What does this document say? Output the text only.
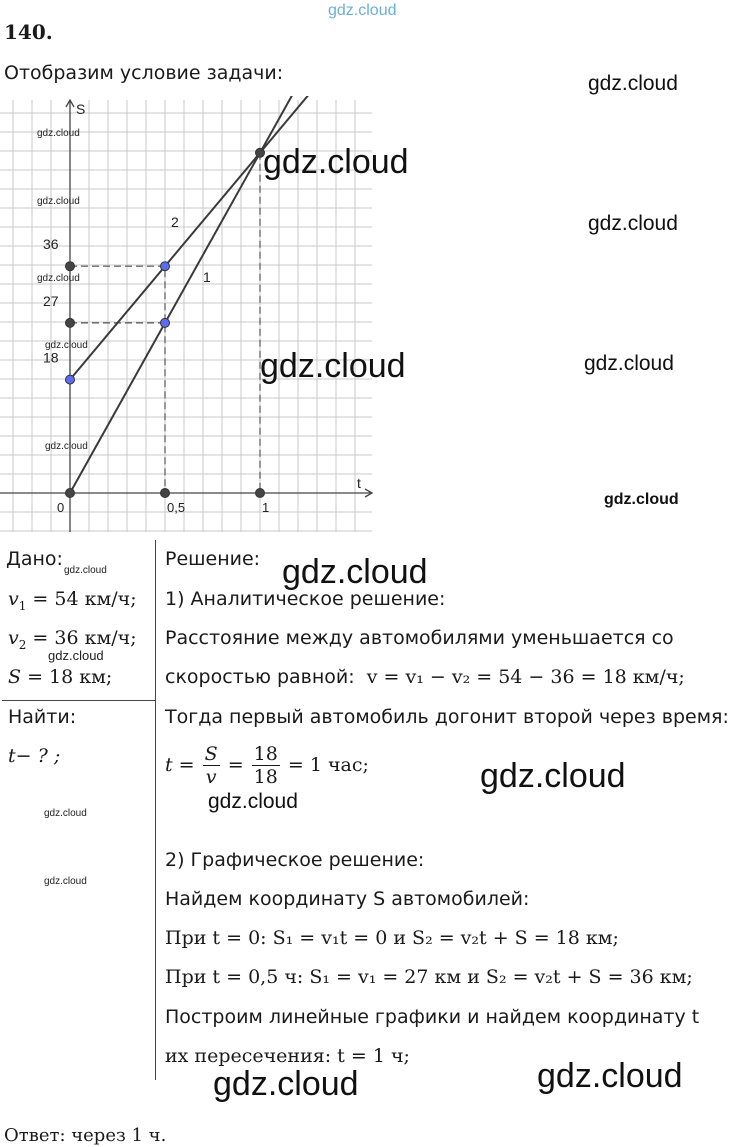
gdz.cloud
140.
Отобразим условие задачи:
t
S
2
1
0	0,5	1
18
27
36
gdz.cloud
gdz.cloud
gdz.cloud
gdz.cloud
gdz.cloud
gdz.cloud
gdz.cloud
gdz.cloud
gdz.cloud
gdz.cloud
gdz.cloud
Дано:
gdz.cloud
$v_1 = 54$ км/ч;
$v_2 = 36$ км/ч;
gdz.cloud
S = 18 км;
Найти:
t− ? ;
gdz.cloud
gdz.cloud
Решение: gdz.cloud
1) Аналитическое решение:
Расстояние между автомобилями уменьшается со
скоростью равной: v = v₁ − v₂ = 54 − 36 = 18 км/ч;
Тогда первый автомобиль догонит второй через время:
$t = \frac{S}{v} = \frac{18}{18}$
= 1 час;
gdz.cloud
gdz.cloud
2) Графическое решение:
Найдем координату S автомобилей:
При t = 0: S₁ = v₁t = 0 и S₂ = v₂t + S = 18 км;
При t = 0,5 ч: S₁ = v₁ = 27 км и S₂ = v₂t + S = 36 км;
Построим линейные графики и найдем координату t
их пересечения: t = 1 ч;
gdz.cloud	gdz.cloud
Ответ: через 1 ч.
